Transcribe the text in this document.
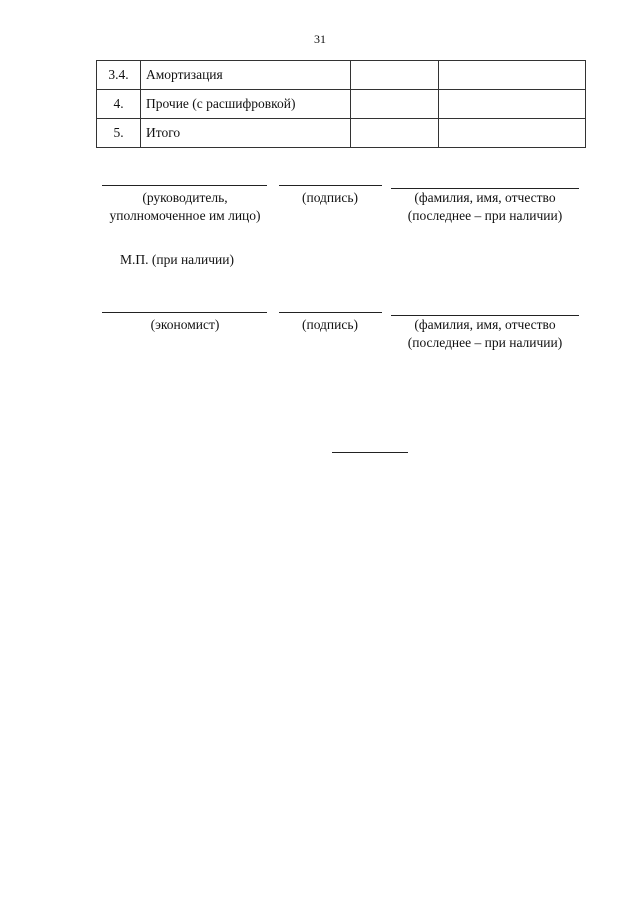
31
3.4.	Амортизация		
4.	Прочие (с расшифровкой)		
5.	Итого		
(руководитель, уполномоченное им лицо)
(подпись)	(фамилия, имя, отчество (последнее – при наличии)
М.П. (при наличии)
(экономист)	(подпись)	(фамилия, имя, отчество (последнее – при наличии)
